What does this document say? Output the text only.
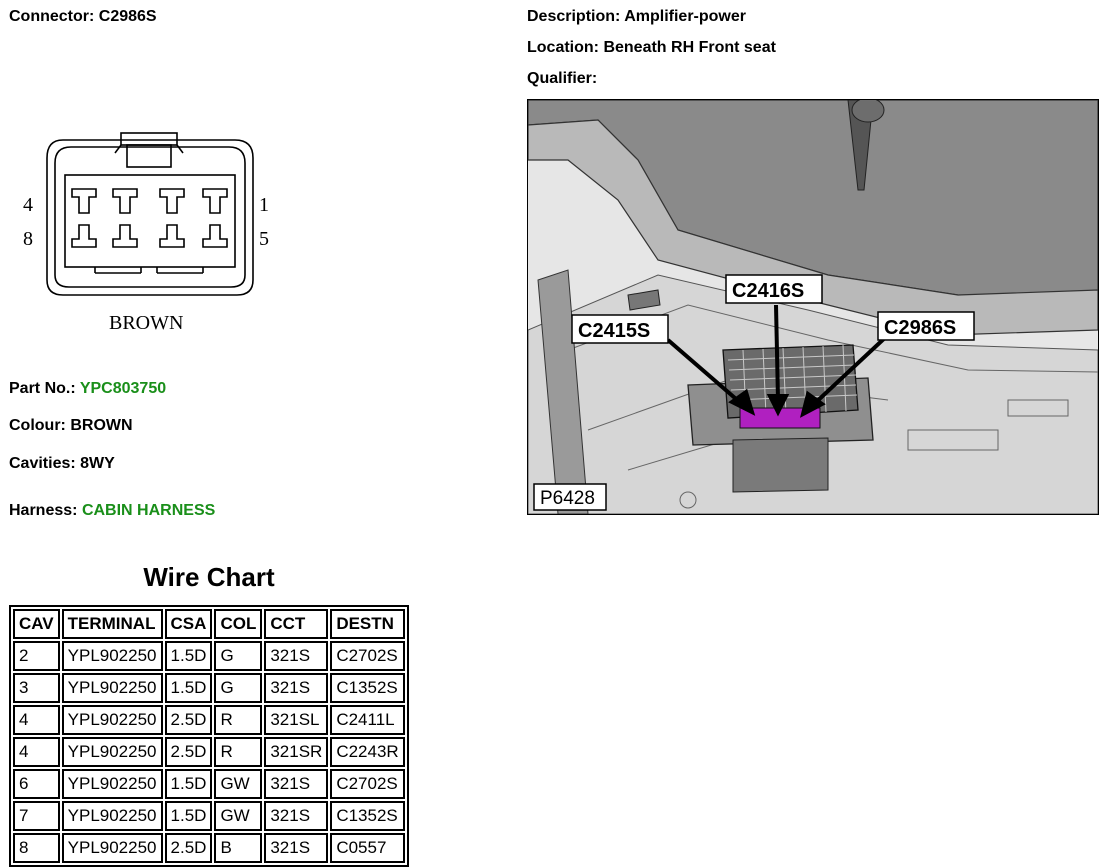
Connector: C2986S	Description: Amplifier-power
Location: Beneath RH Front seat
Qualifier:
4
8
1
5
BROWN
Part No.: YPC803750
Colour: BROWN
Cavities: 8WY
Harness: CABIN HARNESS
C2416S
C2415S	C2986S
P6428
Wire Chart
CAV	TERMINAL	CSA	COL	CCT	DESTN
2	YPL902250	1.5D	G	321S	C2702S
3	YPL902250	1.5D	G	321S	C1352S
4	YPL902250	2.5D	R	321SL	C2411L
4	YPL902250	2.5D	R	321SR	C2243R
6	YPL902250	1.5D	GW	321S	C2702S
7	YPL902250	1.5D	GW	321S	C1352S
8	YPL902250	2.5D	B	321S	C0557
